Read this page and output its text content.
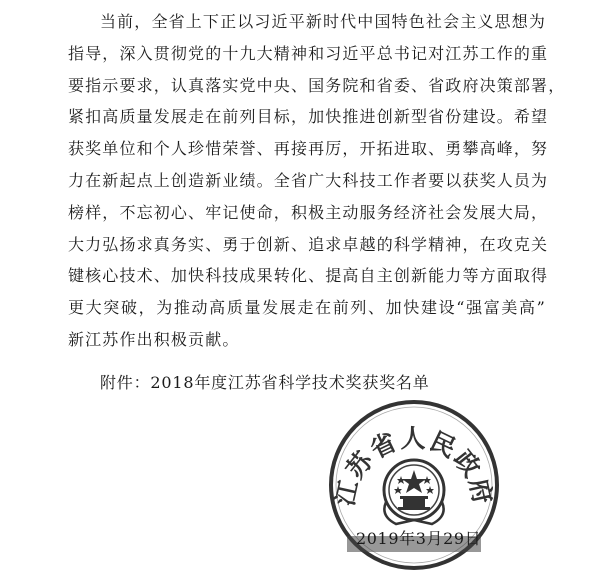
当前，全省上下正以习近平新时代中国特色社会主义思想为
指导，深入贯彻党的十九大精神和习近平总书记对江苏工作的重
要指示要求，认真落实党中央、国务院和省委、省政府决策部署，
紧扣高质量发展走在前列目标，加快推进创新型省份建设。希望
获奖单位和个人珍惜荣誉、再接再厉，开拓进取、勇攀高峰，努
力在新起点上创造新业绩。全省广大科技工作者要以获奖人员为
榜样，不忘初心、牢记使命，积极主动服务经济社会发展大局，
大力弘扬求真务实、勇于创新、追求卓越的科学精神，在攻克关
键核心技术、加快科技成果转化、提高自主创新能力等方面取得
更大突破，为推动高质量发展走在前列、加快建设“强富美高”
新江苏作出积极贡献。

附件：2018年度江苏省科学技术奖获奖名单

江苏省人民政府

2019年3月29日
